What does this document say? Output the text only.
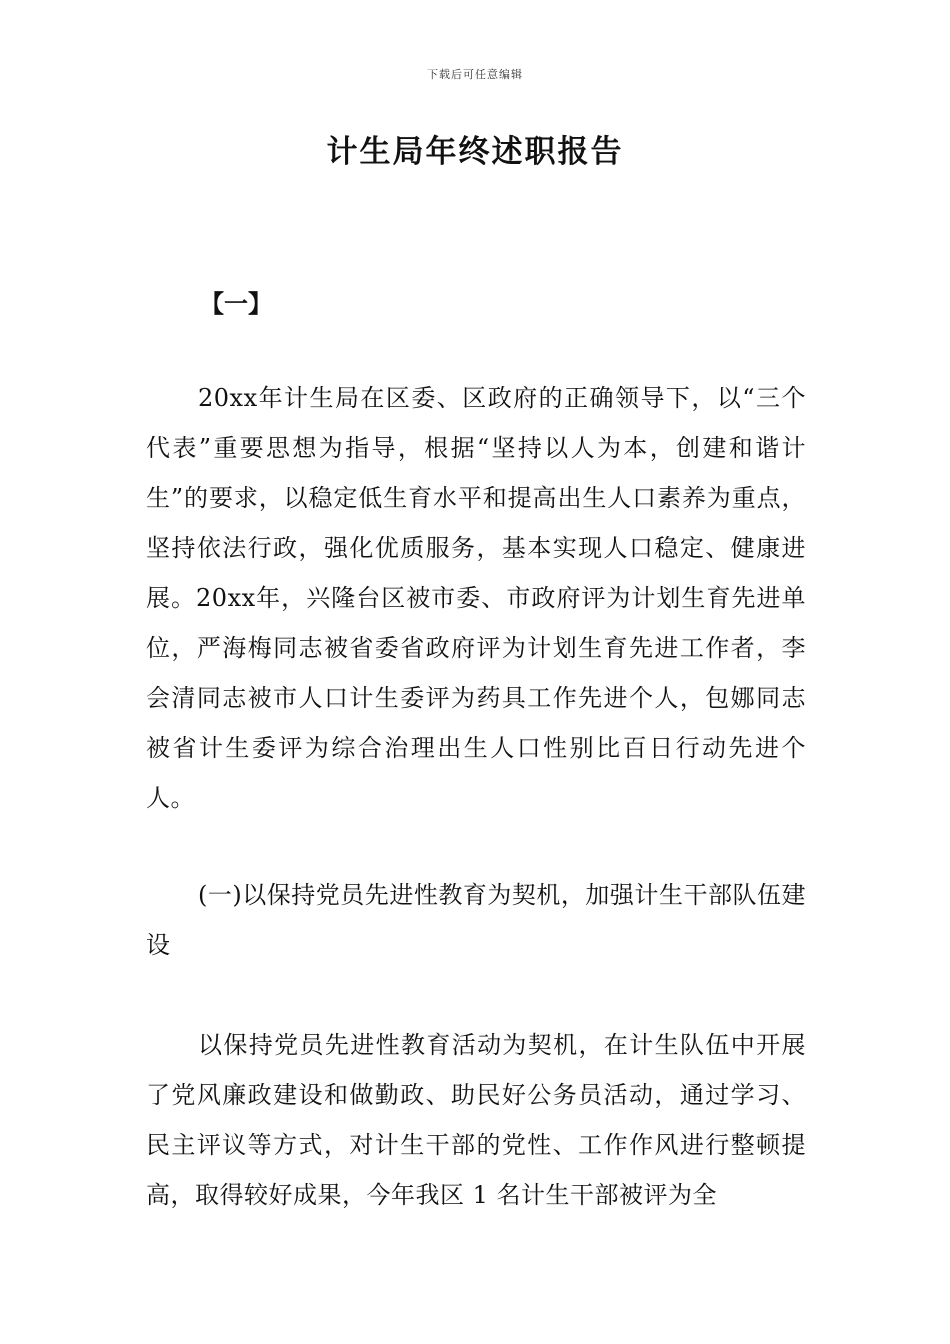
下载后可任意编辑
计生局年终述职报告
【一】

20xx年计生局在区委、区政府的正确领导下，以“三个代表”重要思想为指导，根据“坚持以人为本，创建和谐计生”的要求，以稳定低生育水平和提高出生人口素养为重点，坚持依法行政，强化优质服务，基本实现人口稳定、健康进展。20xx年，兴隆台区被市委、市政府评为计划生育先进单位，严海梅同志被省委省政府评为计划生育先进工作者，李会清同志被市人口计生委评为药具工作先进个人，包娜同志被省计生委评为综合治理出生人口性别比百日行动先进个人。

(一)以保持党员先进性教育为契机，加强计生干部队伍建设

以保持党员先进性教育活动为契机，在计生队伍中开展了党风廉政建设和做勤政、助民好公务员活动，通过学习、民主评议等方式，对计生干部的党性、工作作风进行整顿提高，取得较好成果，今年我区 1 名计生干部被评为全
